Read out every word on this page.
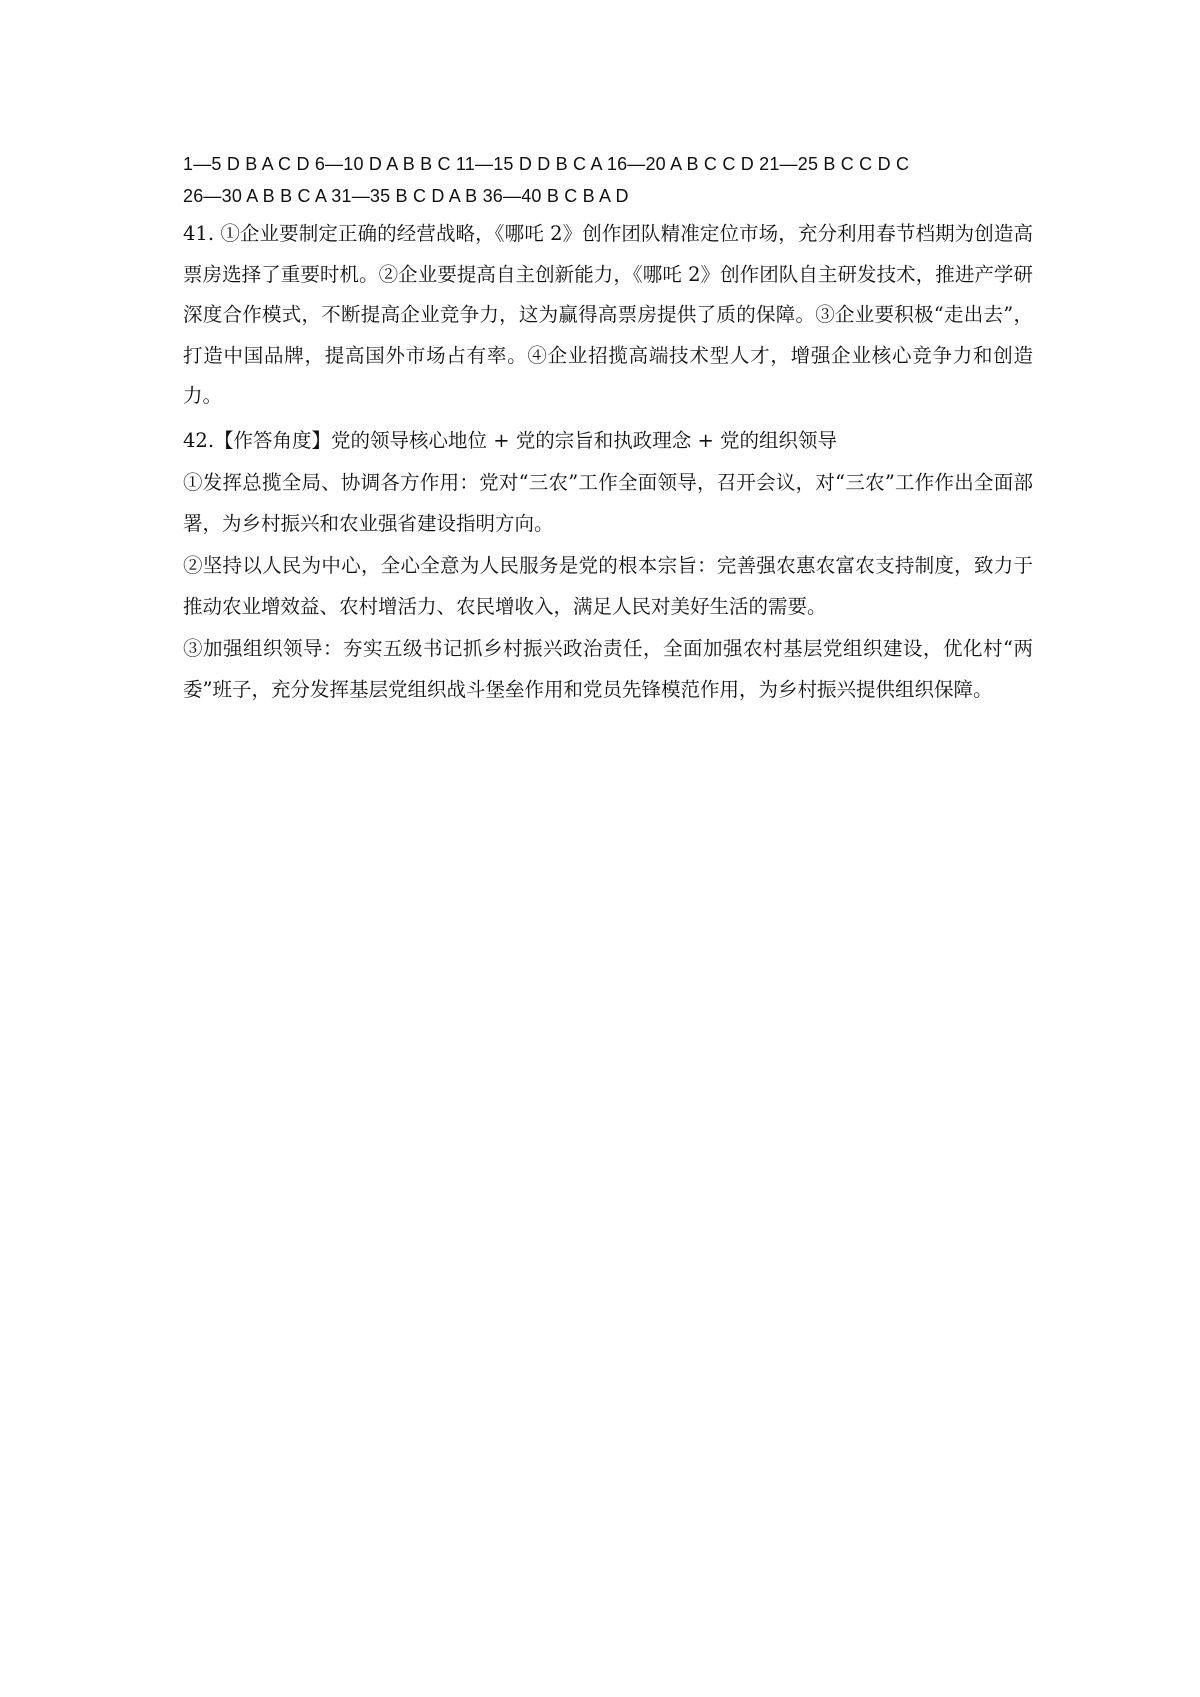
1—5 D B A C D 6—10 D A B B C 11—15 D D B C A 16—20 A B C C D 21—25 B C C D C
26—30 A B B C A 31—35 B C D A B 36—40 B C B A D
41. ①企业要制定正确的经营战略，《哪吒 2》创作团队精准定位市场，充分利用春节档期为创造高票房选择了重要时机。②企业要提高自主创新能力，《哪吒 2》创作团队自主研发技术，推进产学研深度合作模式，不断提高企业竞争力，这为赢得高票房提供了质的保障。③企业要积极“走出去”，打造中国品牌，提高国外市场占有率。④企业招揽高端技术型人才，增强企业核心竞争力和创造力。
42.【作答角度】党的领导核心地位 + 党的宗旨和执政理念 + 党的组织领导
①发挥总揽全局、协调各方作用：党对“三农”工作全面领导，召开会议，对“三农”工作作出全面部署，为乡村振兴和农业强省建设指明方向。
②坚持以人民为中心，全心全意为人民服务是党的根本宗旨：完善强农惠农富农支持制度，致力于推动农业增效益、农村增活力、农民增收入，满足人民对美好生活的需要。
③加强组织领导：夯实五级书记抓乡村振兴政治责任，全面加强农村基层党组织建设，优化村“两委”班子，充分发挥基层党组织战斗堡垒作用和党员先锋模范作用，为乡村振兴提供组织保障。
